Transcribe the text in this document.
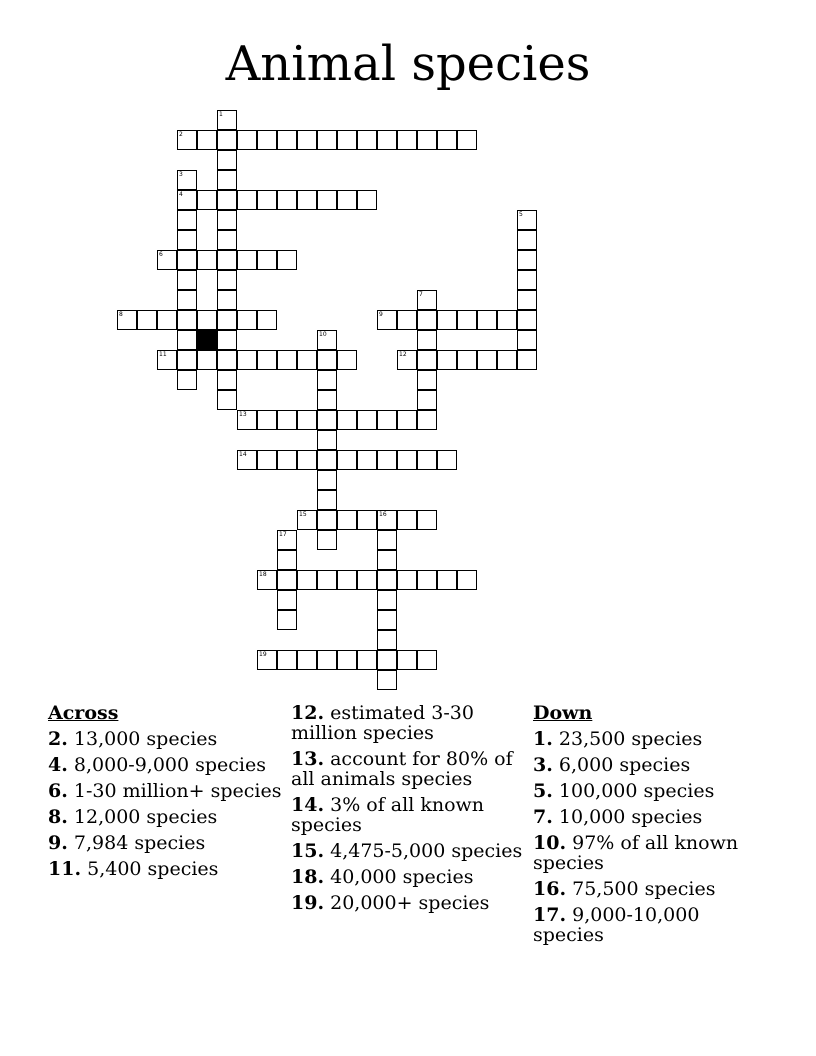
Animal species
1
2
3
4
5
6
7
8	9
10
11	12
13
14
15	16
17
18
19
Across
2. 13,000 species
4. 8,000-9,000 species
6. 1-30 million+ species
8. 12,000 species
9. 7,984 species
11. 5,400 species
12. estimated 3-30 million species
13. account for 80% of all animals species
14. 3% of all known species
15. 4,475-5,000 species
18. 40,000 species
19. 20,000+ species
Down
1. 23,500 species
3. 6,000 species
5. 100,000 species
7. 10,000 species
10. 97% of all known species
16. 75,500 species
17. 9,000-10,000 species
